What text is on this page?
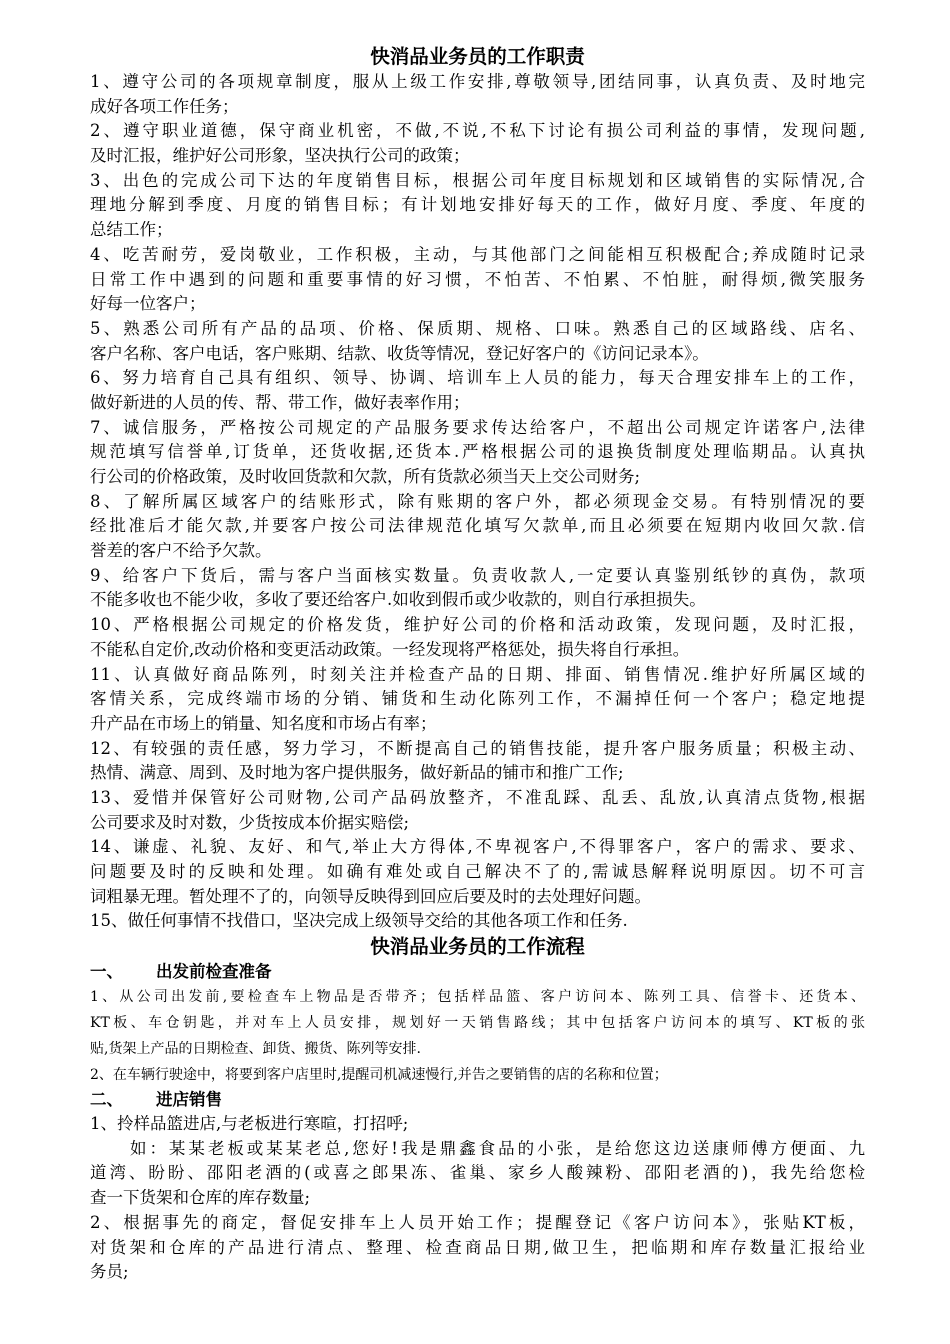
快消品业务员的工作职责
1、遵守公司的各项规章制度，服从上级工作安排,尊敬领导,团结同事，认真负责、及时地完
成好各项工作任务；
2、遵守职业道德，保守商业机密，不做,不说,不私下讨论有损公司利益的事情，发现问题,
及时汇报，维护好公司形象，坚决执行公司的政策；
3、出色的完成公司下达的年度销售目标，根据公司年度目标规划和区域销售的实际情况,合
理地分解到季度、月度的销售目标；有计划地安排好每天的工作，做好月度、季度、年度的
总结工作；
4、吃苦耐劳，爱岗敬业，工作积极，主动，与其他部门之间能相互积极配合;养成随时记录
日常工作中遇到的问题和重要事情的好习惯，不怕苦、不怕累、不怕脏，耐得烦,微笑服务
好每一位客户；
5、熟悉公司所有产品的品项、价格、保质期、规格、口味。熟悉自己的区域路线、店名、
客户名称、客户电话，客户账期、结款、收货等情况，登记好客户的《访问记录本》。
6、努力培育自己具有组织、领导、协调、培训车上人员的能力，每天合理安排车上的工作，
做好新进的人员的传、帮、带工作，做好表率作用；
7、诚信服务，严格按公司规定的产品服务要求传达给客户，不超出公司规定许诺客户,法律
规范填写信誉单,订货单，还货收据,还货本.严格根据公司的退换货制度处理临期品。认真执
行公司的价格政策，及时收回货款和欠款，所有货款必须当天上交公司财务;
8、了解所属区域客户的结账形式，除有账期的客户外，都必须现金交易。有特别情况的要
经批准后才能欠款,并要客户按公司法律规范化填写欠款单,而且必须要在短期内收回欠款.信
誉差的客户不给予欠款。
9、给客户下货后，需与客户当面核实数量。负责收款人,一定要认真鉴别纸钞的真伪，款项
不能多收也不能少收，多收了要还给客户.如收到假币或少收款的，则自行承担损失。
10、严格根据公司规定的价格发货，维护好公司的价格和活动政策，发现问题，及时汇报，
不能私自定价,改动价格和变更活动政策。一经发现将严格惩处，损失将自行承担。
11、认真做好商品陈列，时刻关注并检查产品的日期、排面、销售情况.维护好所属区域的
客情关系，完成终端市场的分销、铺货和生动化陈列工作，不漏掉任何一个客户；稳定地提
升产品在市场上的销量、知名度和市场占有率；
12、有较强的责任感，努力学习，不断提高自己的销售技能，提升客户服务质量；积极主动、
热情、满意、周到、及时地为客户提供服务，做好新品的铺市和推广工作;
13、爱惜并保管好公司财物,公司产品码放整齐，不准乱踩、乱丢、乱放,认真清点货物,根据
公司要求及时对数，少货按成本价据实赔偿;
14、谦虚、礼貌、友好、和气,举止大方得体,不卑视客户,不得罪客户，客户的需求、要求、
问题要及时的反映和处理。如确有难处或自己解决不了的,需诚恳解释说明原因。切不可言
词粗暴无理。暂处理不了的，向领导反映得到回应后要及时的去处理好问题。
15、做任何事情不找借口，坚决完成上级领导交给的其他各项工作和任务.
快消品业务员的工作流程
一、 出发前检查准备
1、从公司出发前,要检查车上物品是否带齐；包括样品篮、客户访问本、陈列工具、信誉卡、还货本、
KT板、车仓钥匙，并对车上人员安排，规划好一天销售路线；其中包括客户访问本的填写、KT板的张
贴,货架上产品的日期检查、卸货、搬货、陈列等安排.
2、在车辆行驶途中，将要到客户店里时,提醒司机减速慢行,并告之要销售的店的名称和位置；
二、 进店销售
1、拎样品篮进店,与老板进行寒暄，打招呼;
如：某某老板或某某老总,您好!我是鼎鑫食品的小张，是给您这边送康师傅方便面、九
道湾、盼盼、邵阳老酒的(或喜之郎果冻、雀巢、家乡人酸辣粉、邵阳老酒的)，我先给您检
查一下货架和仓库的库存数量;
2、根据事先的商定，督促安排车上人员开始工作；提醒登记《客户访问本》，张贴KT板，
对货架和仓库的产品进行清点、整理、检查商品日期,做卫生，把临期和库存数量汇报给业
务员;
